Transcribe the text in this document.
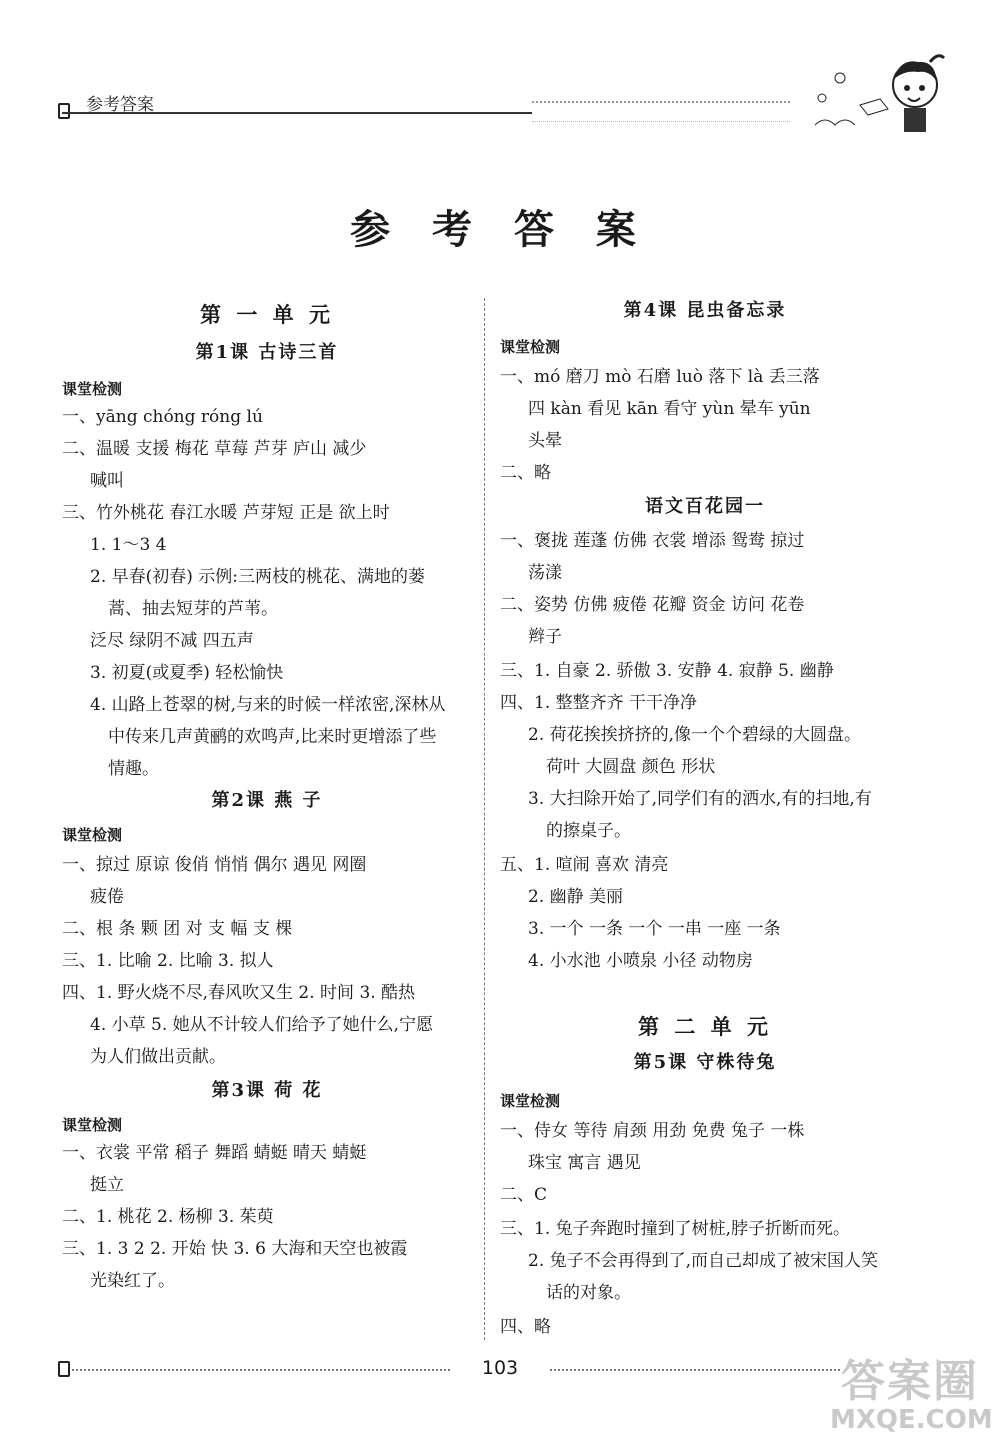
参考答案
参 考 答 案
第 一 单 元
第1课 古诗三首
课堂检测
一、yāng chóng róng lú
二、温暖 支援 梅花 草莓 芦芽 庐山 减少
喊叫
三、竹外桃花 春江水暖 芦芽短 正是 欲上时
1. 1～3 4
2. 早春(初春) 示例:三两枝的桃花、满地的蒌
蒿、抽去短芽的芦苇。
泛尽 绿阴不减 四五声
3. 初夏(或夏季) 轻松愉快
4. 山路上苍翠的树,与来的时候一样浓密,深林从
中传来几声黄鹂的欢鸣声,比来时更增添了些
情趣。
第2课 燕 子
课堂检测
一、掠过 原谅 俊俏 悄悄 偶尔 遇见 网圈
疲倦
二、根 条 颗 团 对 支 幅 支 棵
三、1. 比喻 2. 比喻 3. 拟人
四、1. 野火烧不尽,春风吹又生 2. 时间 3. 酷热
4. 小草 5. 她从不计较人们给予了她什么,宁愿
为人们做出贡献。
第3课 荷 花
课堂检测
一、衣裳 平常 稻子 舞蹈 蜻蜓 晴天 蜻蜓
挺立
二、1. 桃花 2. 杨柳 3. 茱萸
三、1. 3 2 2. 开始 快 3. 6 大海和天空也被霞
光染红了。
第4课 昆虫备忘录
课堂检测
一、mó 磨刀 mò 石磨 luò 落下 là 丢三落
四 kàn 看见 kān 看守 yùn 晕车 yūn
头晕
二、略
语文百花园一
一、褒拢 莲蓬 仿佛 衣裳 增添 鸳鸯 掠过
荡漾
二、姿势 仿佛 疲倦 花瓣 资金 访问 花卷
辫子
三、1. 自豪 2. 骄傲 3. 安静 4. 寂静 5. 幽静
四、1. 整整齐齐 干干净净
2. 荷花挨挨挤挤的,像一个个碧绿的大圆盘。
荷叶 大圆盘 颜色 形状
3. 大扫除开始了,同学们有的洒水,有的扫地,有
的擦桌子。
五、1. 喧闹 喜欢 清亮
2. 幽静 美丽
3. 一个 一条 一个 一串 一座 一条
4. 小水池 小喷泉 小径 动物房
第 二 单 元
第5课 守株待兔
课堂检测
一、侍女 等待 肩颈 用劲 免费 兔子 一株
珠宝 寓言 遇见
二、C
三、1. 兔子奔跑时撞到了树桩,脖子折断而死。
2. 兔子不会再得到了,而自己却成了被宋国人笑
话的对象。
四、略
103	答案圈
MXQE.COM
